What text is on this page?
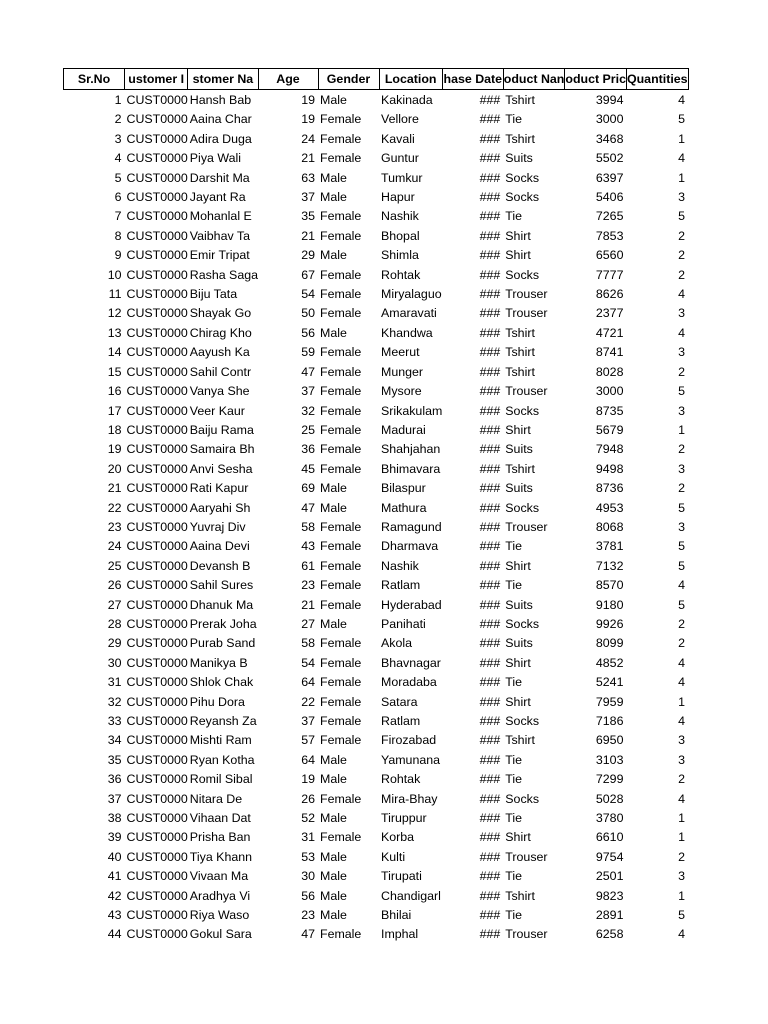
Sr.No	ustomer I	stomer Na	Age	Gender	Location	hase Date	oduct Nan	oduct Pric	Quantities
1	CUST0000	Hansh Bab	19	Male	Kakinada	###	Tshirt	3994	4
2	CUST0000	Aaina Char	19	Female	Vellore	###	Tie	3000	5
3	CUST0000	Adira Duga	24	Female	Kavali	###	Tshirt	3468	1
4	CUST0000	Piya Wali	21	Female	Guntur	###	Suits	5502	4
5	CUST0000	Darshit Ma	63	Male	Tumkur	###	Socks	6397	1
6	CUST0000	Jayant Ra	37	Male	Hapur	###	Socks	5406	3
7	CUST0000	Mohanlal E	35	Female	Nashik	###	Tie	7265	5
8	CUST0000	Vaibhav Ta	21	Female	Bhopal	###	Shirt	7853	2
9	CUST0000	Emir Tripat	29	Male	Shimla	###	Shirt	6560	2
10	CUST0000	Rasha Saga	67	Female	Rohtak	###	Socks	7777	2
11	CUST0000	Biju Tata	54	Female	Miryalaguo	###	Trouser	8626	4
12	CUST0000	Shayak Go	50	Female	Amaravati	###	Trouser	2377	3
13	CUST0000	Chirag Kho	56	Male	Khandwa	###	Tshirt	4721	4
14	CUST0000	Aayush Ka	59	Female	Meerut	###	Tshirt	8741	3
15	CUST0000	Sahil Contr	47	Female	Munger	###	Tshirt	8028	2
16	CUST0000	Vanya She	37	Female	Mysore	###	Trouser	3000	5
17	CUST0000	Veer Kaur	32	Female	Srikakulam	###	Socks	8735	3
18	CUST0000	Baiju Rama	25	Female	Madurai	###	Shirt	5679	1
19	CUST0000	Samaira Bh	36	Female	Shahjahan	###	Suits	7948	2
20	CUST0000	Anvi Sesha	45	Female	Bhimavara	###	Tshirt	9498	3
21	CUST0000	Rati Kapur	69	Male	Bilaspur	###	Suits	8736	2
22	CUST0000	Aaryahi Sh	47	Male	Mathura	###	Socks	4953	5
23	CUST0000	Yuvraj Div	58	Female	Ramagund	###	Trouser	8068	3
24	CUST0000	Aaina Devi	43	Female	Dharmava	###	Tie	3781	5
25	CUST0000	Devansh B	61	Female	Nashik	###	Shirt	7132	5
26	CUST0000	Sahil Sures	23	Female	Ratlam	###	Tie	8570	4
27	CUST0000	Dhanuk Ma	21	Female	Hyderabad	###	Suits	9180	5
28	CUST0000	Prerak Joha	27	Male	Panihati	###	Socks	9926	2
29	CUST0000	Purab Sand	58	Female	Akola	###	Suits	8099	2
30	CUST0000	Manikya B	54	Female	Bhavnagar	###	Shirt	4852	4
31	CUST0000	Shlok Chak	64	Female	Moradaba	###	Tie	5241	4
32	CUST0000	Pihu Dora	22	Female	Satara	###	Shirt	7959	1
33	CUST0000	Reyansh Za	37	Female	Ratlam	###	Socks	7186	4
34	CUST0000	Mishti Ram	57	Female	Firozabad	###	Tshirt	6950	3
35	CUST0000	Ryan Kotha	64	Male	Yamunana	###	Tie	3103	3
36	CUST0000	Romil Sibal	19	Male	Rohtak	###	Tie	7299	2
37	CUST0000	Nitara De	26	Female	Mira-Bhay	###	Socks	5028	4
38	CUST0000	Vihaan Dat	52	Male	Tiruppur	###	Tie	3780	1
39	CUST0000	Prisha Ban	31	Female	Korba	###	Shirt	6610	1
40	CUST0000	Tiya Khann	53	Male	Kulti	###	Trouser	9754	2
41	CUST0000	Vivaan Ma	30	Male	Tirupati	###	Tie	2501	3
42	CUST0000	Aradhya Vi	56	Male	Chandigarl	###	Tshirt	9823	1
43	CUST0000	Riya Waso	23	Male	Bhilai	###	Tie	2891	5
44	CUST0000	Gokul Sara	47	Female	Imphal	###	Trouser	6258	4
